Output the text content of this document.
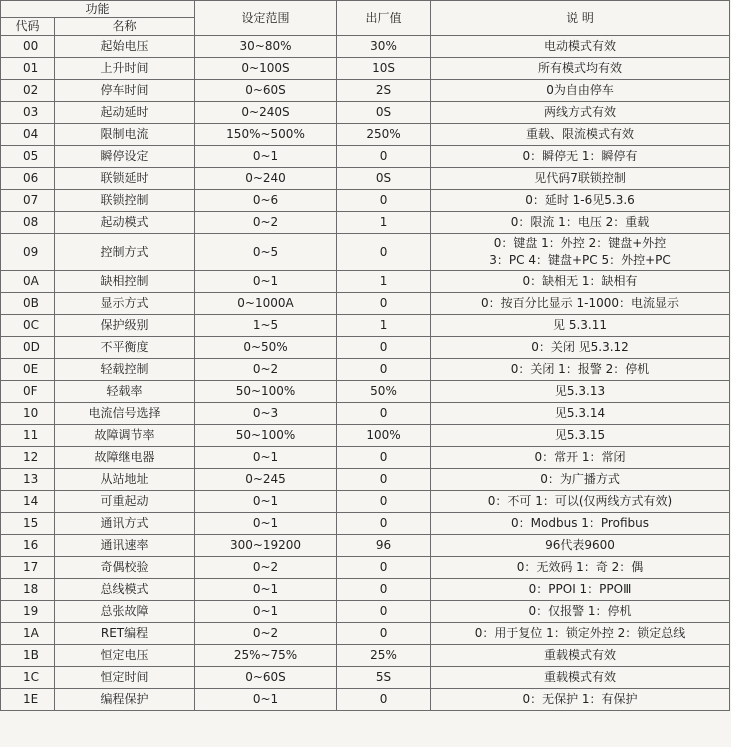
功能		设定范围	出厂值	说 明
代码	名称			
00	起始电压	30~80%	30%	电动模式有效
01	上升时间	0~100S	10S	所有模式均有效
02	停车时间	0~60S	2S	0为自由停车
03	起动延时	0~240S	0S	两线方式有效
04	限制电流	150%~500%	250%	重载、限流模式有效
05	瞬停设定	0~1	0	0：瞬停无 1：瞬停有
06	联锁延时	0~240	0S	见代码7联锁控制
07	联锁控制	0~6	0	0：延时 1-6见5.3.6
08	起动模式	0~2	1	0：限流 1：电压 2：重载
09	控制方式	0~5	0	0：键盘 1：外控 2：键盘+外控
3：PC 4：键盘+PC 5：外控+PC

0A	缺相控制	0~1	1	0：缺相无 1：缺相有
0B	显示方式	0~1000A	0	0：按百分比显示 1-1000：电流显示
0C	保护级别	1~5	1	见 5.3.11
0D	不平衡度	0~50%	0	0：关闭 见5.3.12
0E	轻载控制	0~2	0	0：关闭 1：报警 2：停机
0F	轻载率	50~100%	50%	见5.3.13
10	电流信号选择	0~3	0	见5.3.14
11	故障调节率	50~100%	100%	见5.3.15
12	故障继电器	0~1	0	0：常开 1：常闭
13	从站地址	0~245	0	0：为广播方式
14	可重起动	0~1	0	0：不可 1：可以(仅两线方式有效)
15	通讯方式	0~1	0	0：Modbus 1：Profibus
16	通讯速率	300~19200	96	96代表9600
17	奇偶校验	0~2	0	0：无效码 1：奇 2：偶
18	总线模式	0~1	0	0：PPOⅠ 1：PPOⅢ
19	总张故障	0~1	0	0：仅报警 1：停机
1A	RET编程	0~2	0	0：用于复位 1：锁定外控 2：锁定总线
1B	恒定电压	25%~75%	25%	重载模式有效
1C	恒定时间	0~60S	5S	重载模式有效
1E	编程保护	0~1	0	0：无保护 1：有保护
